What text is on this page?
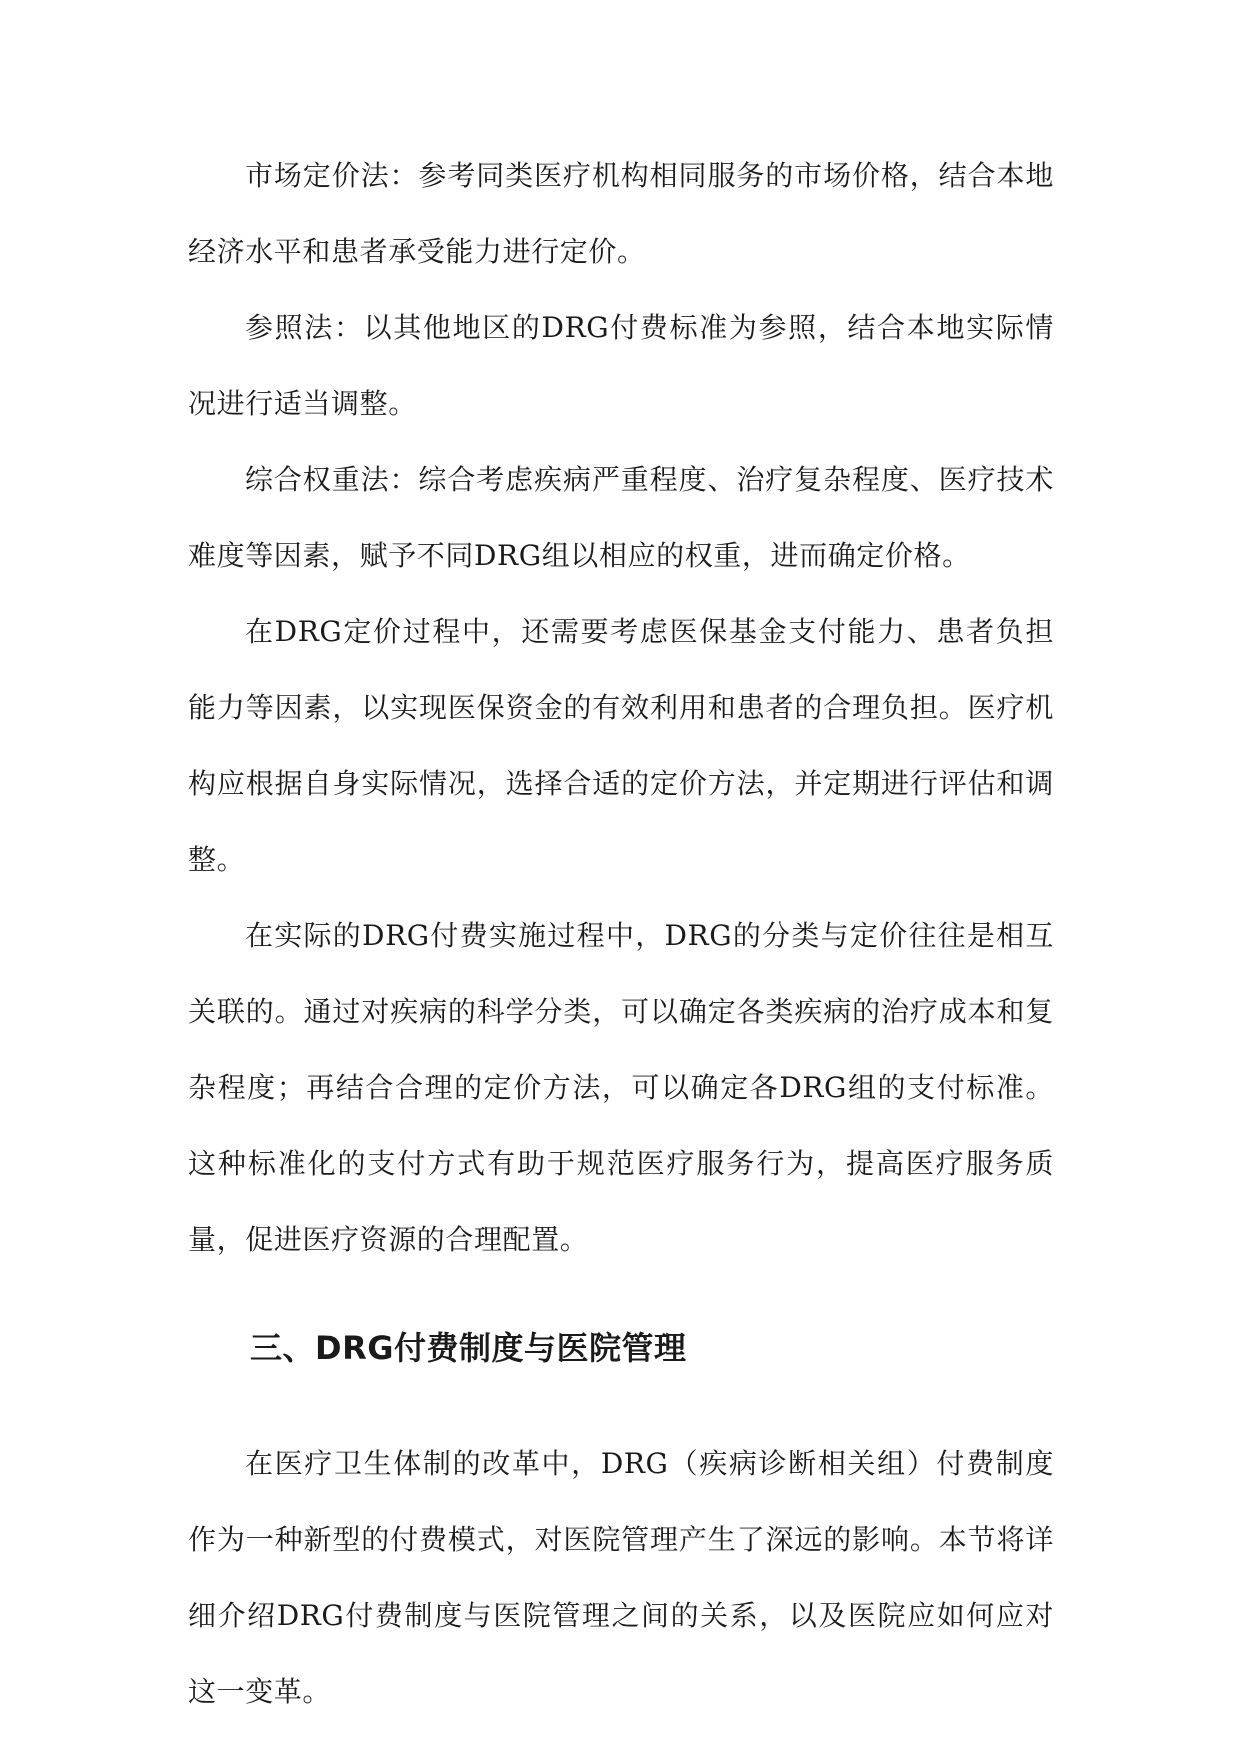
市场定价法：参考同类医疗机构相同服务的市场价格，结合本地经济水平和患者承受能力进行定价。

参照法：以其他地区的DRG付费标准为参照，结合本地实际情况进行适当调整。

综合权重法：综合考虑疾病严重程度、治疗复杂程度、医疗技术难度等因素，赋予不同DRG组以相应的权重，进而确定价格。

在DRG定价过程中，还需要考虑医保基金支付能力、患者负担能力等因素，以实现医保资金的有效利用和患者的合理负担。医疗机构应根据自身实际情况，选择合适的定价方法，并定期进行评估和调整。

在实际的DRG付费实施过程中，DRG的分类与定价往往是相互关联的。通过对疾病的科学分类，可以确定各类疾病的治疗成本和复杂程度；再结合合理的定价方法，可以确定各DRG组的支付标准。这种标准化的支付方式有助于规范医疗服务行为，提高医疗服务质量，促进医疗资源的合理配置。

三、DRG付费制度与医院管理

在医疗卫生体制的改革中，DRG（疾病诊断相关组）付费制度作为一种新型的付费模式，对医院管理产生了深远的影响。本节将详细介绍DRG付费制度与医院管理之间的关系，以及医院应如何应对这一变革。
